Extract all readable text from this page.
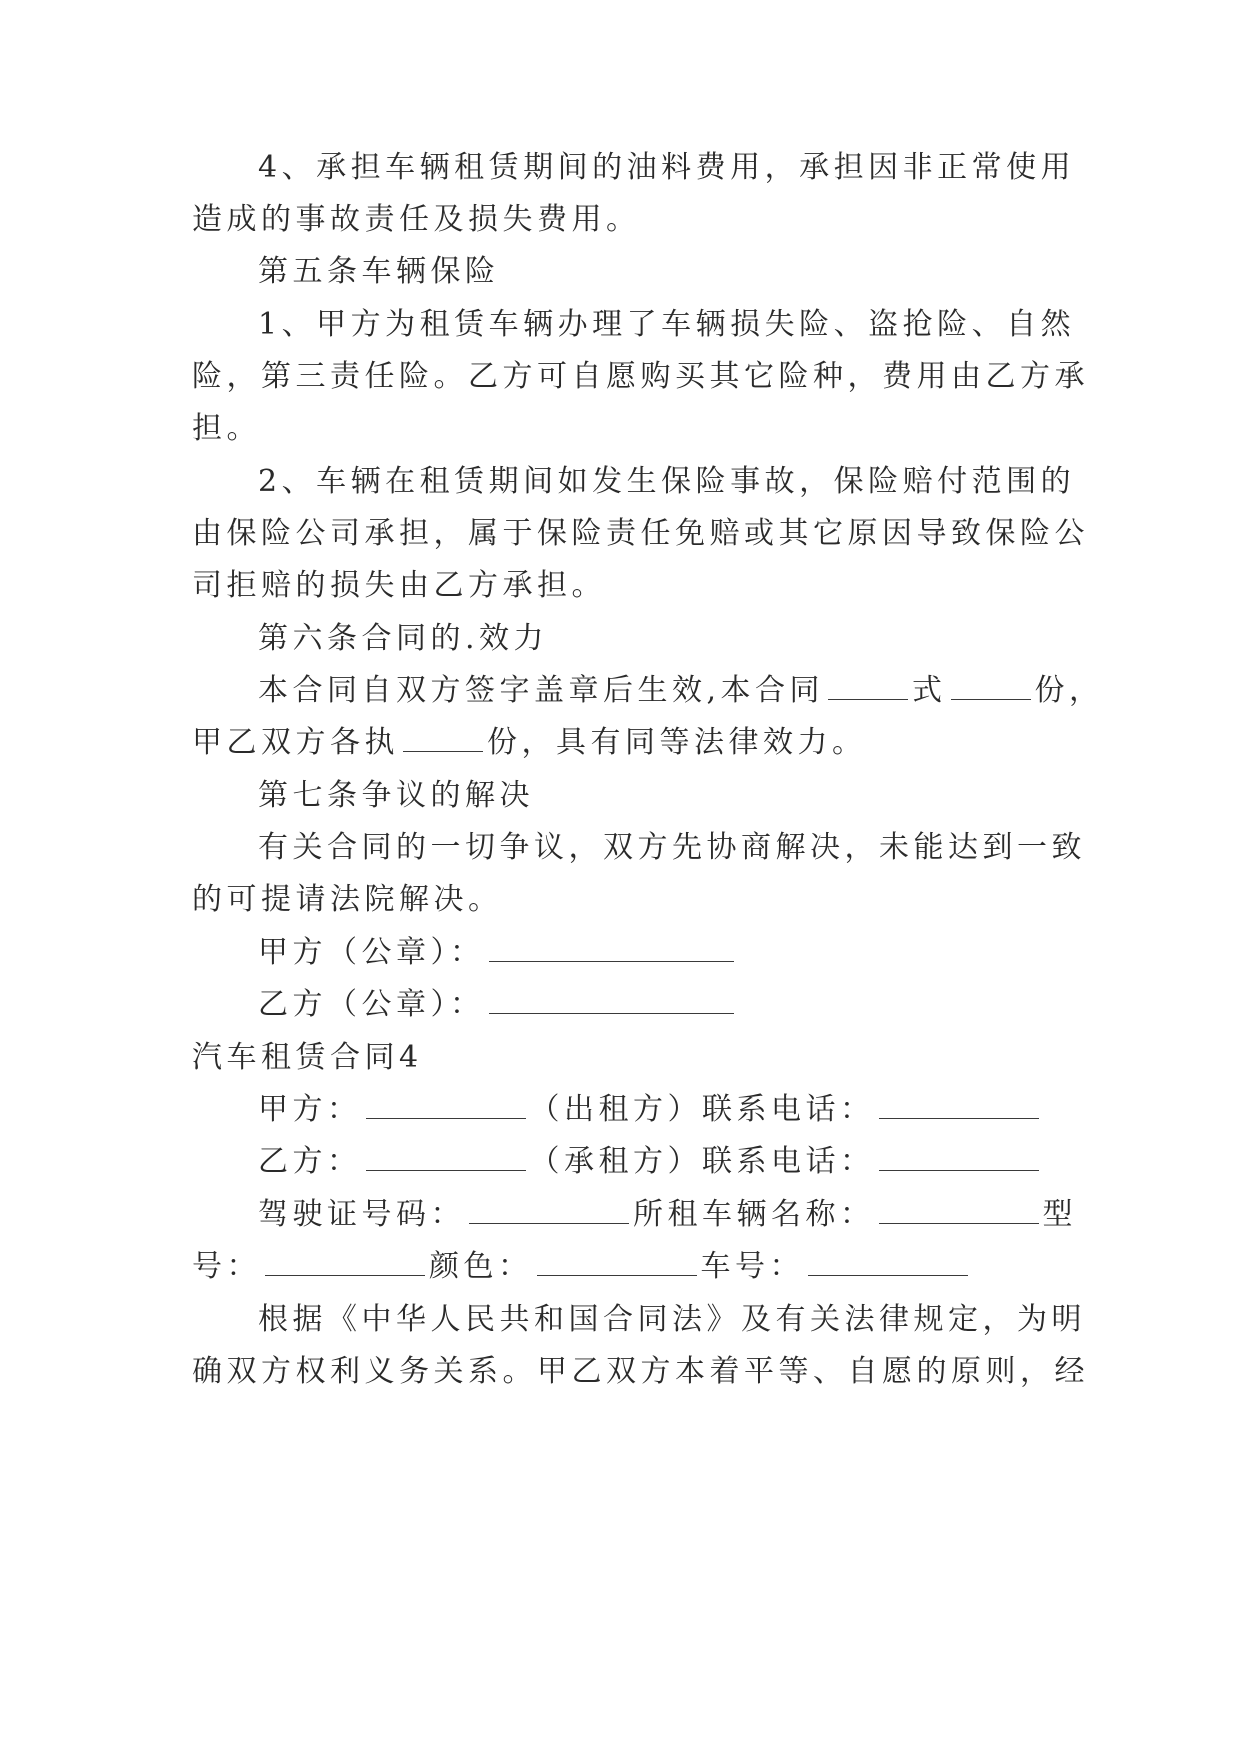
4、承担车辆租赁期间的油料费用，承担因非正常使用

造成的事故责任及损失费用。

第五条车辆保险

1、甲方为租赁车辆办理了车辆损失险、盗抢险、自然

险，第三责任险。乙方可自愿购买其它险种，费用由乙方承

担。

2、车辆在租赁期间如发生保险事故，保险赔付范围的

由保险公司承担，属于保险责任免赔或其它原因导致保险公

司拒赔的损失由乙方承担。

第六条合同的.效力

本合同自双方签字盖章后生效,本合同	式	份，

甲乙双方各执	份，具有同等法律效力。

第七条争议的解决

有关合同的一切争议，双方先协商解决，未能达到一致

的可提请法院解决。

甲方（公章）：

乙方（公章）：

汽车租赁合同4

甲方：	（出租方）联系电话：

乙方：	（承租方）联系电话：

驾驶证号码：	所租车辆名称：	型

号：	颜色：	车号：

根据《中华人民共和国合同法》及有关法律规定，为明

确双方权利义务关系。甲乙双方本着平等、自愿的原则，经
